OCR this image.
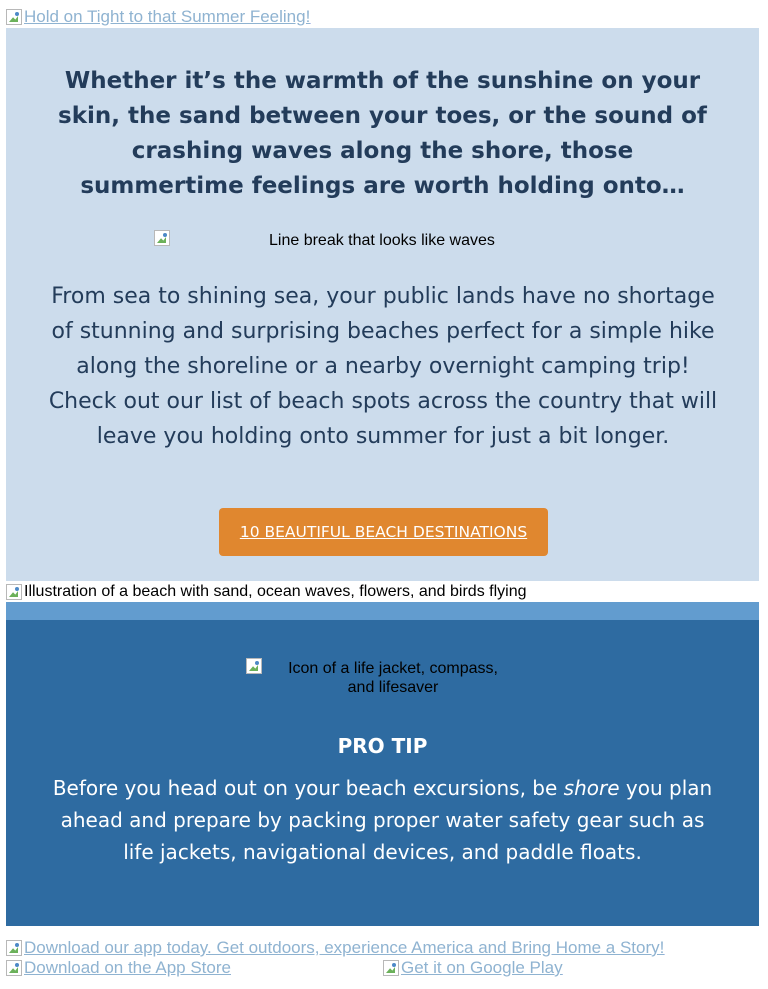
Hold on Tight to that Summer Feeling!
Whether it’s the warmth of the sunshine on your skin, the sand between your toes, or the sound of crashing waves along the shore, those summertime feelings are worth holding onto…
Line break that looks like waves

From sea to shining sea, your public lands have no shortage of stunning and surprising beaches perfect for a simple hike along the shoreline or a nearby overnight camping trip! Check out our list of beach spots across the country that will leave you holding onto summer for just a bit longer.

10 BEAUTIFUL BEACH DESTINATIONS
Illustration of a beach with sand, ocean waves, flowers, and birds flying

Icon of a life jacket, compass, and lifesaver

PRO TIP

Before you head out on your beach excursions, be shore you plan ahead and prepare by packing proper water safety gear such as life jackets, navigational devices, and paddle floats.

Download our app today. Get outdoors, experience America and Bring Home a Story!
Download on the App Store	Get it on Google Play
